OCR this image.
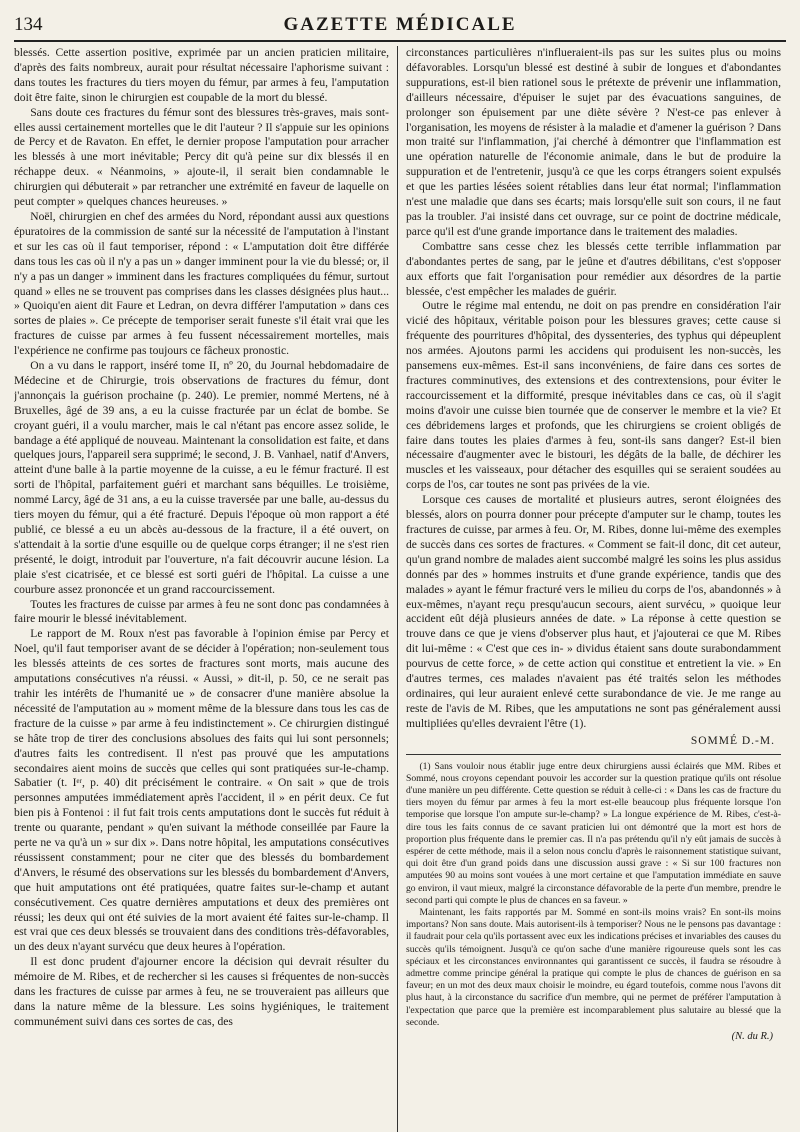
134	GAZETTE MÉDICALE

blessés. Cette assertion positive, exprimée par un ancien praticien militaire, d'après des faits nombreux, aurait pour résultat nécessaire l'aphorisme suivant : dans toutes les fractures du tiers moyen du fémur, par armes à feu, l'amputation doit être faite, sinon le chirurgien est coupable de la mort du blessé.

Sans doute ces fractures du fémur sont des blessures très-graves, mais sont-elles aussi certainement mortelles que le dit l'auteur ? Il s'appuie sur les opinions de Percy et de Ravaton. En effet, le dernier propose l'amputation pour arracher les blessés à une mort inévitable; Percy dit qu'à peine sur dix blessés il en réchappe deux. « Néanmoins, » ajoute-il, il serait bien condamnable le chirurgien qui débuterait » par retrancher une extrémité en faveur de laquelle on peut compter » quelques chances heureuses. »

Noël, chirurgien en chef des armées du Nord, répondant aussi aux questions épuratoires de la commission de santé sur la nécessité de l'amputation à l'instant et sur les cas où il faut temporiser, répond : « L'amputation doit être différée dans tous les cas où il n'y a pas un » danger imminent pour la vie du blessé; or, il n'y a pas un danger » imminent dans les fractures compliquées du fémur, surtout quand » elles ne se trouvent pas comprises dans les classes désignées plus haut... » Quoiqu'en aient dit Faure et Ledran, on devra différer l'amputation » dans ces sortes de plaies ». Ce précepte de temporiser serait funeste s'il était vrai que les fractures de cuisse par armes à feu fussent nécessairement mortelles, mais l'expérience ne confirme pas toujours ce fâcheux pronostic.

On a vu dans le rapport, inséré tome II, nº 20, du Journal hebdomadaire de Médecine et de Chirurgie, trois observations de fractures du fémur, dont j'annonçais la guérison prochaine (p. 240). Le premier, nommé Mertens, né à Bruxelles, âgé de 39 ans, a eu la cuisse fracturée par un éclat de bombe. Se croyant guéri, il a voulu marcher, mais le cal n'étant pas encore assez solide, le bandage a été appliqué de nouveau. Maintenant la consolidation est faite, et dans quelques jours, l'appareil sera supprimé; le second, J. B. Vanhael, natif d'Anvers, atteint d'une balle à la partie moyenne de la cuisse, a eu le fémur fracturé. Il est sorti de l'hôpital, parfaitement guéri et marchant sans béquilles. Le troisième, nommé Larcy, âgé de 31 ans, a eu la cuisse traversée par une balle, au-dessus du tiers moyen du fémur, qui a été fracturé. Depuis l'époque où mon rapport a été publié, ce blessé a eu un abcès au-dessous de la fracture, il a été ouvert, on s'attendait à la sortie d'une esquille ou de quelque corps étranger; il ne s'est rien présenté, le doigt, introduit par l'ouverture, n'a fait découvrir aucune lésion. La plaie s'est cicatrisée, et ce blessé est sorti guéri de l'hôpital. La cuisse a une courbure assez prononcée et un grand raccourcissement.

Toutes les fractures de cuisse par armes à feu ne sont donc pas condamnées à faire mourir le blessé inévitablement.

Le rapport de M. Roux n'est pas favorable à l'opinion émise par Percy et Noel, qu'il faut temporiser avant de se décider à l'opération; non-seulement tous les blessés atteints de ces sortes de fractures sont morts, mais aucune des amputations consécutives n'a réussi. « Aussi, » dit-il, p. 50, ce ne serait pas trahir les intérêts de l'humanité ue » de consacrer d'une manière absolue la nécessité de l'amputation au » moment même de la blessure dans tous les cas de fracture de la cuisse » par arme à feu indistinctement ». Ce chirurgien distingué se hâte trop de tirer des conclusions absolues des faits qui lui sont personnels; d'autres faits les contredisent. Il n'est pas prouvé que les amputations secondaires aient moins de succès que celles qui sont pratiquées sur-le-champ. Sabatier (t. Iᵉʳ, p. 40) dit précisément le contraire. « On sait » que de trois personnes amputées immédiatement après l'accident, il » en périt deux. Ce fut bien pis à Fontenoi : il fut fait trois cents amputations dont le succès fut réduit à trente ou quarante, pendant » qu'en suivant la méthode conseillée par Faure la perte ne va qu'à un » sur dix ». Dans notre hôpital, les amputations consécutives réussissent constamment; pour ne citer que des blessés du bombardement d'Anvers, le résumé des observations sur les blessés du bombardement d'Anvers, que huit amputations ont été pratiquées, quatre faites sur-le-champ et autant consécutivement. Ces quatre dernières amputations et deux des premières ont réussi; les deux qui ont été suivies de la mort avaient été faites sur-le-champ. Il est vrai que ces deux blessés se trouvaient dans des conditions très-défavorables, un des deux n'ayant survécu que deux heures à l'opération.

Il est donc prudent d'ajourner encore la décision qui devrait résulter du mémoire de M. Ribes, et de rechercher si les causes si fréquentes de non-succès dans les fractures de cuisse par armes à feu, ne se trouveraient pas ailleurs que dans la nature même de la blessure. Les soins hygiéniques, le traitement communément suivi dans ces sortes de cas, des

circonstances particulières n'influeraient-ils pas sur les suites plus ou moins défavorables. Lorsqu'un blessé est destiné à subir de longues et d'abondantes suppurations, est-il bien rationel sous le prétexte de prévenir une inflammation, d'ailleurs nécessaire, d'épuiser le sujet par des évacuations sanguines, de prolonger son épuisement par une diète sévère ? N'est-ce pas enlever à l'organisation, les moyens de résister à la maladie et d'amener la guérison ? Dans mon traité sur l'inflammation, j'ai cherché à démontrer que l'inflammation est une opération naturelle de l'économie animale, dans le but de produire la suppuration et de l'entretenir, jusqu'à ce que les corps étrangers soient expulsés et que les parties lésées soient rétablies dans leur état normal; l'inflammation n'est une maladie que dans ses écarts; mais lorsqu'elle suit son cours, il ne faut pas la troubler. J'ai insisté dans cet ouvrage, sur ce point de doctrine médicale, parce qu'il est d'une grande importance dans le traitement des maladies.

Combattre sans cesse chez les blessés cette terrible inflammation par d'abondantes pertes de sang, par le jeûne et d'autres débilitans, c'est s'opposer aux efforts que fait l'organisation pour remédier aux désordres de la partie blessée, c'est empêcher les malades de guérir.

Outre le régime mal entendu, ne doit on pas prendre en considération l'air vicié des hôpitaux, véritable poison pour les blessures graves; cette cause si fréquente des pourritures d'hôpital, des dyssenteries, des typhus qui dépeuplent nos armées. Ajoutons parmi les accidens qui produisent les non-succès, les pansemens eux-mêmes. Est-il sans inconvéniens, de faire dans ces sortes de fractures comminutives, des extensions et des contrextensions, pour éviter le raccourcissement et la difformité, presque inévitables dans ce cas, où il s'agit moins d'avoir une cuisse bien tournée que de conserver le membre et la vie? Et ces débridemens larges et profonds, que les chirurgiens se croient obligés de faire dans toutes les plaies d'armes à feu, sont-ils sans danger? Est-il bien nécessaire d'augmenter avec le bistouri, les dégâts de la balle, de déchirer les muscles et les vaisseaux, pour détacher des esquilles qui se seraient soudées au corps de l'os, car toutes ne sont pas privées de la vie.

Lorsque ces causes de mortalité et plusieurs autres, seront éloignées des blessés, alors on pourra donner pour précepte d'amputer sur le champ, toutes les fractures de cuisse, par armes à feu. Or, M. Ribes, donne lui-même des exemples de succès dans ces sortes de fractures. « Comment se fait-il donc, dit cet auteur, qu'un grand nombre de malades aient succombé malgré les soins les plus assidus donnés par des » hommes instruits et d'une grande expérience, tandis que des malades » ayant le fémur fracturé vers le milieu du corps de l'os, abandonnés » à eux-mêmes, n'ayant reçu presqu'aucun secours, aient survécu, » quoique leur accident eût déjà plusieurs années de date. » La réponse à cette question se trouve dans ce que je viens d'observer plus haut, et j'ajouterai ce que M. Ribes dit lui-même : « C'est que ces in- » dividus étaient sans doute surabondamment pourvus de cette force, » de cette action qui constitue et entretient la vie. » En d'autres termes, ces malades n'avaient pas été traités selon les méthodes ordinaires, qui leur auraient enlevé cette surabondance de vie. Je me range au reste de l'avis de M. Ribes, que les amputations ne sont pas généralement aussi multipliées qu'elles devraient l'être (1).

SOMMÉ D.-M.

(1) Sans vouloir nous établir juge entre deux chirurgiens aussi éclairés que MM. Ribes et Sommé, nous croyons cependant pouvoir les accorder sur la question pratique qu'ils ont résolue d'une manière un peu différente. Cette question se réduit à celle-ci : « Dans les cas de fracture du tiers moyen du fémur par armes à feu la mort est-elle beaucoup plus fréquente lorsque l'on temporise que lorsque l'on ampute sur-le-champ? » La longue expérience de M. Ribes, c'est-à-dire tous les faits connus de ce savant praticien lui ont démontré que la mort est hors de proportion plus fréquente dans le premier cas. Il n'a pas prétendu qu'il n'y eût jamais de succès à espérer de cette méthode, mais il a selon nous conclu d'après le raisonnement statistique suivant, qui doit être d'un grand poids dans une discussion aussi grave : « Si sur 100 fractures non amputées 90 au moins sont vouées à une mort certaine et que l'amputation immédiate en sauve go environ, il vaut mieux, malgré la circonstance défavorable de la perte d'un membre, prendre le second parti qui compte le plus de chances en sa faveur. »

Maintenant, les faits rapportés par M. Sommé en sont-ils moins vrais? En sont-ils moins importans? Non sans doute. Mais autorisent-ils à temporiser? Nous ne le pensons pas davantage : il faudrait pour cela qu'ils portassent avec eux les indications précises et invariables des causes du succès qu'ils témoignent. Jusqu'à ce qu'on sache d'une manière rigoureuse quels sont les cas spéciaux et les circonstances environnantes qui garantissent ce succès, il faudra se résoudre à admettre comme principe général la pratique qui compte le plus de chances de guérison en sa faveur; en un mot des deux maux choisir le moindre, eu égard toutefois, comme nous l'avons dit plus haut, à la circonstance du sacrifice d'un membre, qui ne permet de préférer l'amputation à l'expectation que parce que la première est incomparablement plus salutaire au blessé que la seconde.

(N. du R.)
